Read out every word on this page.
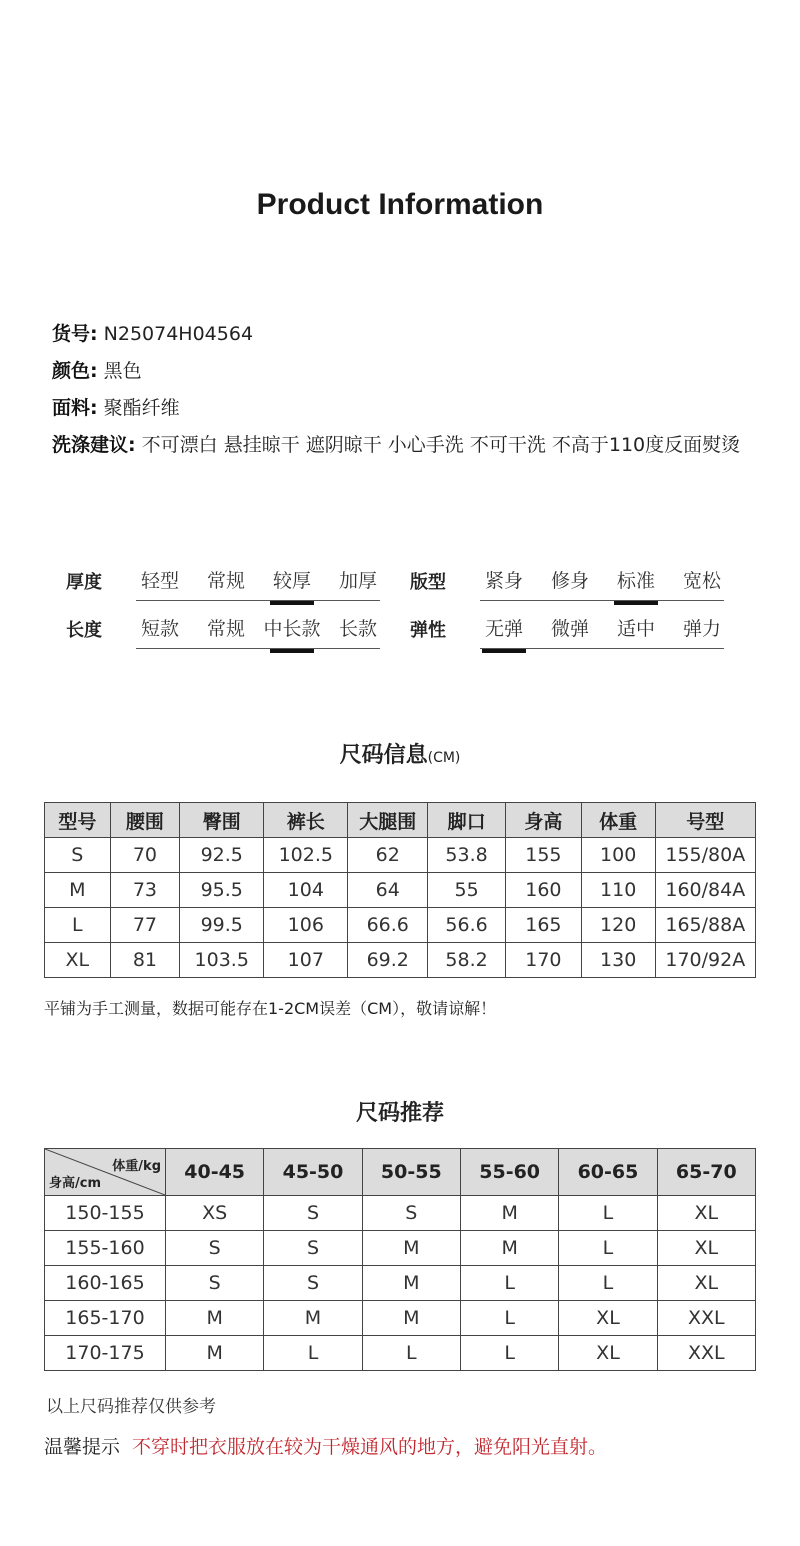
Product Information
货号: N25074H04564
颜色: 黑色
面料: 聚酯纤维
洗涤建议: 不可漂白 悬挂晾干 遮阴晾干 小心手洗 不可干洗 不高于110度反面熨烫
厚度	轻型	常规	较厚	加厚	版型	紧身	修身	标准	宽松
长度	短款	常规 中长款 长款	弹性	无弹	微弹	适中	弹力
尺码信息(CM)
型号	腰围	臀围	裤长	大腿围	脚口	身高	体重	号型
S	70	92.5	102.5	62	53.8	155	100	155/80A
M	73	95.5	104	64	55	160	110	160/84A
L	77	99.5	106	66.6	56.6	165	120	165/88A
XL	81	103.5	107	69.2	58.2	170	130	170/92A
平铺为手工测量，数据可能存在1-2CM误差（CM），敬请谅解！
尺码推荐
体重/kg
身高/cm	40-45	45-50	50-55	55-60	60-65	65-70
150-155	XS	S	S	M	L	XL
155-160	S	S	M	M	L	XL
160-165	S	S	M	L	L	XL
165-170	M	M	M	L	XL	XXL
170-175	M	L	L	L	XL	XXL
以上尺码推荐仅供参考
温馨提示 不穿时把衣服放在较为干燥通风的地方，避免阳光直射。
